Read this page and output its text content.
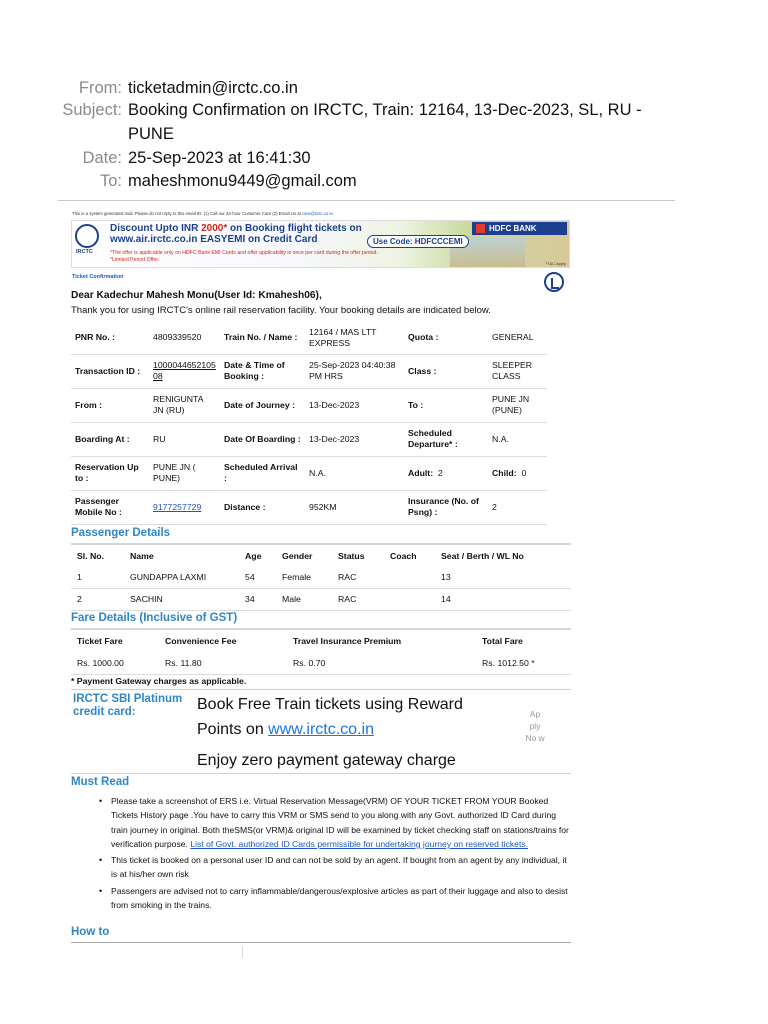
From: ticketadmin@irctc.co.in
Subject: Booking Confirmation on IRCTC, Train: 12164, 13-Dec-2023, SL, RU - PUNE
Date: 25-Sep-2023 at 16:41:30
To: maheshmonu9449@gmail.com
This is a system generated mail. Please do not reply to this email ID. (1) Call our 24-hour Customer Care (2) Email Us at care@irctc.co.in
IRCTC
Discount Upto INR 2000* on Booking flight tickets on
www.air.irctc.co.in EASYEMI on Credit Card
*The offer is applicable only on HDFC Bank EMI Cards and offer applicability is once per card during the offer period.
*Limited Period Offer.
Use Code: HDFCCCEMI
HDFC BANK
*T&C Apply
Ticket Confirmation
Dear Kadechur Mahesh Monu(User Id: Kmahesh06),
Thank you for using IRCTC's online rail reservation facility. Your booking details are indicated below.
PNR No. :	4809339520	Train No. / Name :	12164 / MAS LTT EXPRESS	Quota :	GENERAL
Transaction ID :	100004465210508	Date & Time of Booking :	25-Sep-2023 04:40:38 PM HRS	Class :	SLEEPER CLASS
From :	RENIGUNTA JN (RU)	Date of Journey :	13-Dec-2023	To :	PUNE JN (PUNE)
Boarding At :	RU	Date Of Boarding :	13-Dec-2023	Scheduled Departure* :	N.A.
Reservation Up to :	PUNE JN ( PUNE)	Scheduled Arrival :	N.A.	Adult: 2	Child: 0
Passenger Mobile No :	9177257729	Distance :	952KM	Insurance (No. of Psng) :	2
Passenger Details
Sl. No.	Name	Age	Gender	Status	Coach	Seat / Berth / WL No
1	GUNDAPPA LAXMI	54	Female	RAC		13
2	SACHIN	34	Male	RAC		14
Fare Details (Inclusive of GST)
Ticket Fare	Convenience Fee	Travel Insurance Premium	Total Fare
Rs. 1000.00	Rs. 11.80	Rs. 0.70	Rs. 1012.50 *
* Payment Gateway charges as applicable.
IRCTC SBI Platinum credit card:	Book Free Train tickets using Reward
Points on www.irctc.co.in
Enjoy zero payment gateway charge
Ap ply No w
Must Read
• Please take a screenshot of ERS i.e. Virtual Reservation Message(VRM) OF YOUR TICKET FROM YOUR Booked Tickets History page .You have to carry this VRM or SMS send to you along with any Govt. authorized ID Card during train journey in original. Both theSMS(or VRM)& original ID will be examined by ticket checking staff on stations/trains for verification purpose. List of Govt. authorized ID Cards permissible for undertaking journey on reserved tickets.
• This ticket is booked on a personal user ID and can not be sold by an agent. If bought from an agent by any individual, it is at his/her own risk
• Passengers are advised not to carry inflammable/dangerous/explosive articles as part of their luggage and also to desist from smoking in the trains.
How to
